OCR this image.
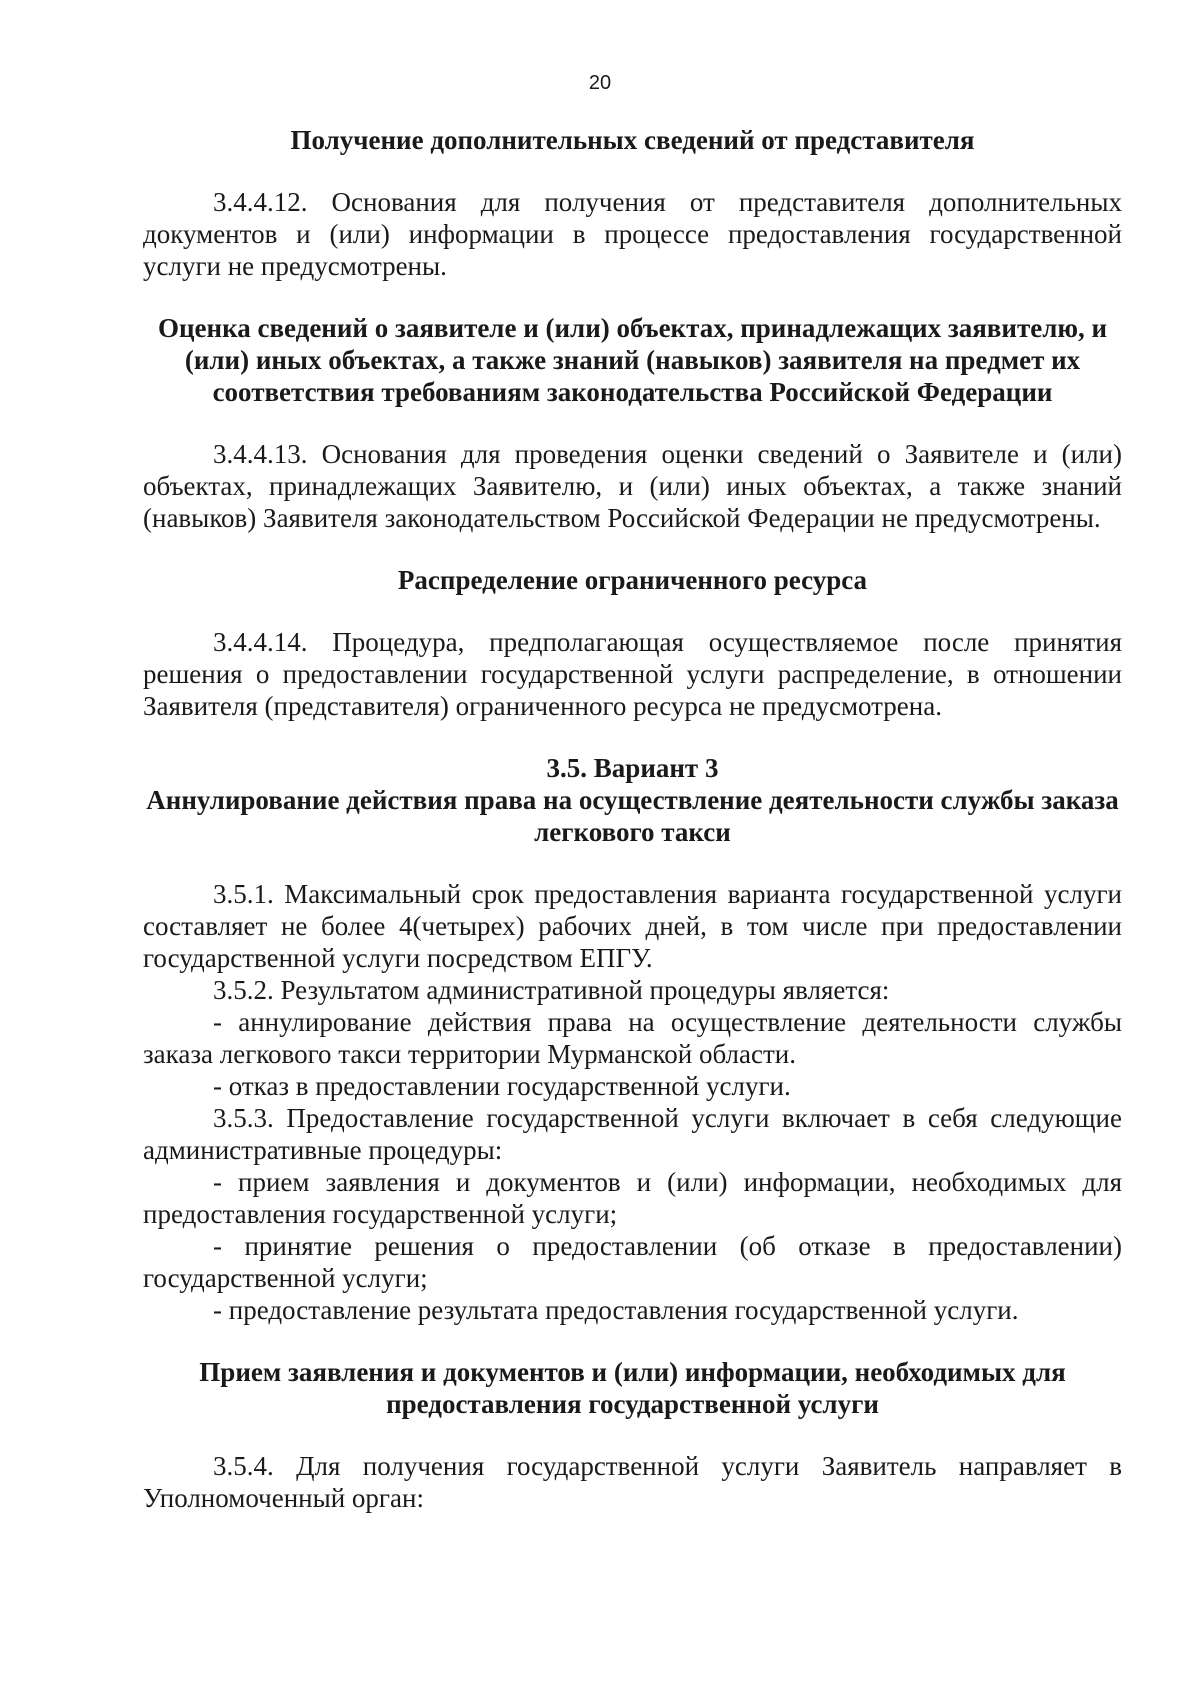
20
Получение дополнительных сведений от представителя

3.4.4.12. Основания для получения от представителя дополнительных документов и (или) информации в процессе предоставления государственной услуги не предусмотрены.

Оценка сведений о заявителе и (или) объектах, принадлежащих заявителю, и (или) иных объектах, а также знаний (навыков) заявителя на предмет их соответствия требованиям законодательства Российской Федерации

3.4.4.13. Основания для проведения оценки сведений о Заявителе и (или) объектах, принадлежащих Заявителю, и (или) иных объектах, а также знаний (навыков) Заявителя законодательством Российской Федерации не предусмотрены.

Распределение ограниченного ресурса

3.4.4.14. Процедура, предполагающая осуществляемое после принятия решения о предоставлении государственной услуги распределение, в отношении Заявителя (представителя) ограниченного ресурса не предусмотрена.

3.5. Вариант 3
Аннулирование действия права на осуществление деятельности службы заказа легкового такси

3.5.1. Максимальный срок предоставления варианта государственной услуги составляет не более 4(четырех) рабочих дней, в том числе при предоставлении государственной услуги посредством ЕПГУ.

3.5.2. Результатом административной процедуры является:

- аннулирование действия права на осуществление деятельности службы заказа легкового такси территории Мурманской области.

- отказ в предоставлении государственной услуги.

3.5.3. Предоставление государственной услуги включает в себя следующие административные процедуры:

- прием заявления и документов и (или) информации, необходимых для предоставления государственной услуги;

- принятие решения о предоставлении (об отказе в предоставлении) государственной услуги;

- предоставление результата предоставления государственной услуги.

Прием заявления и документов и (или) информации, необходимых для предоставления государственной услуги

3.5.4. Для получения государственной услуги Заявитель направляет в Уполномоченный орган:
